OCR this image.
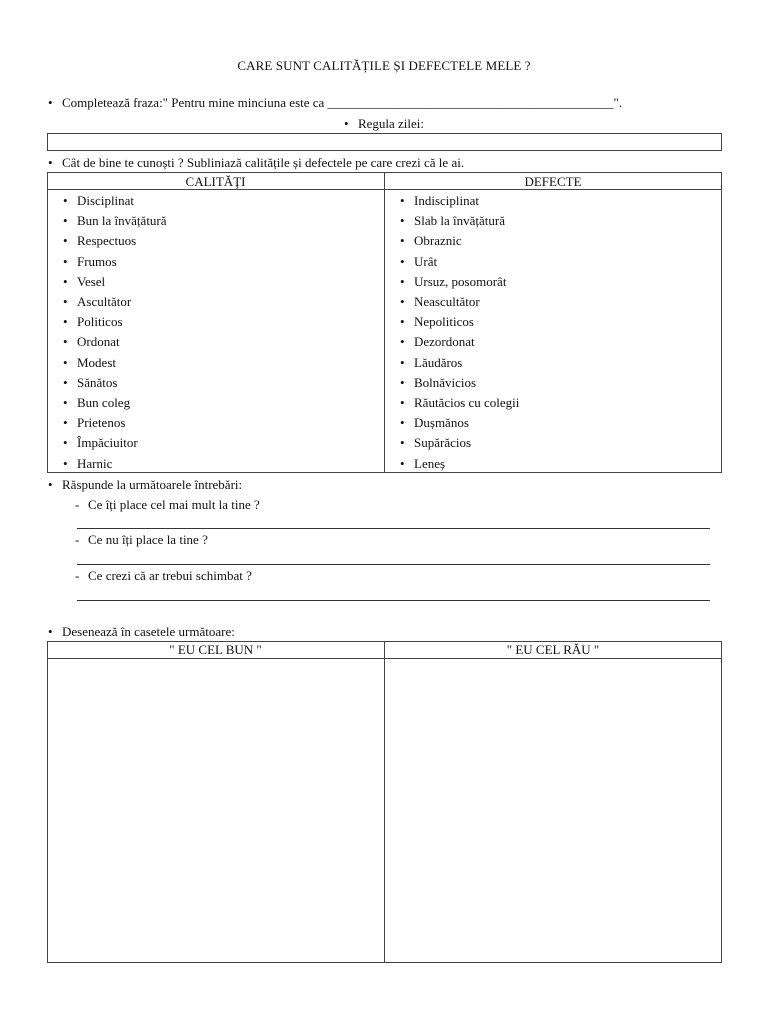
CARE SUNT CALITĂȚILE ȘI DEFECTELE MELE ?
• Completează fraza:" Pentru mine minciuna este ca ____________________________________________".
• Regula zilei:
• Cât de bine te cunoști ? Subliniază calitățile și defectele pe care crezi că le ai.
CALITĂŢI	DEFECTE
• Disciplinat
• Bun la învățătură
• Respectuos
• Frumos
• Vesel
• Ascultător
• Politicos
• Ordonat
• Modest
• Sănătos
• Bun coleg
• Prietenos
• Împăciuitor
• Harnic
• Indisciplinat
• Slab la învățătură
• Obraznic
• Urât
• Ursuz, posomorât
• Neascultător
• Nepoliticos
• Dezordonat
• Lăudăros
• Bolnăvicios
• Răutăcios cu colegii
• Dușmănos
• Supărăcios
• Leneș
• Răspunde la următoarele întrebări:
- Ce îți place cel mai mult la tine ?
- Ce nu îți place la tine ?
- Ce crezi că ar trebui schimbat ?
• Desenează în casetele următoare:
" EU CEL BUN "	" EU CEL RĂU "
